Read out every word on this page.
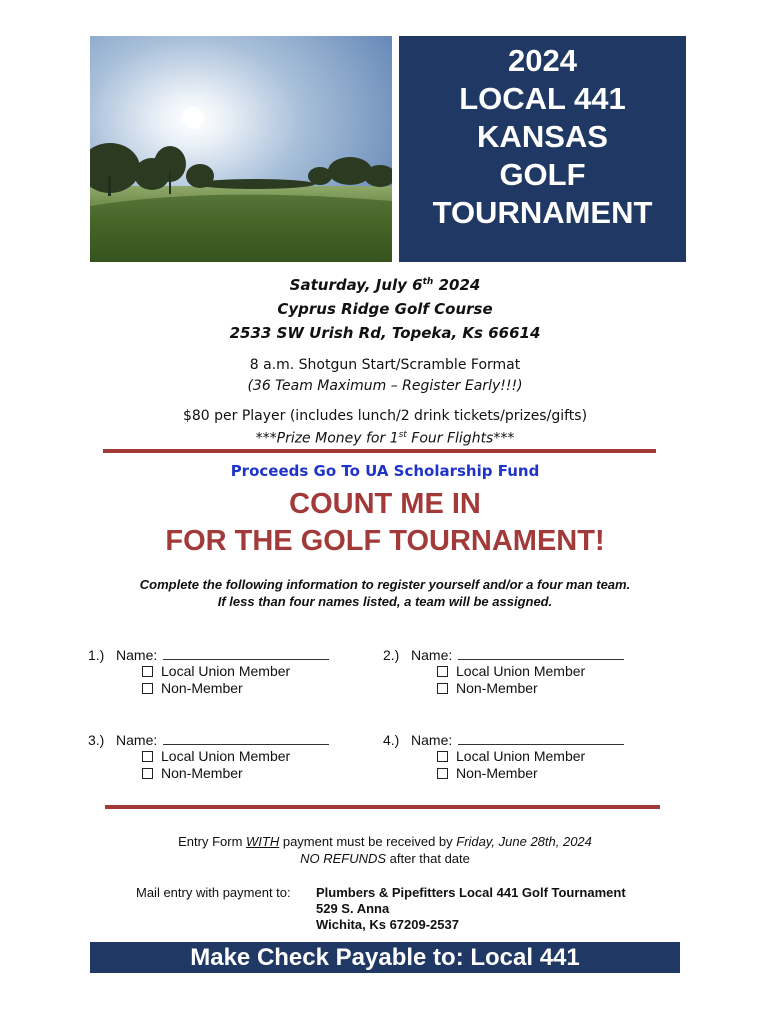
2024
LOCAL 441
KANSAS
GOLF
TOURNAMENT
Saturday, July 6th 2024
Cyprus Ridge Golf Course
2533 SW Urish Rd, Topeka, Ks 66614
8 a.m. Shotgun Start/Scramble Format
(36 Team Maximum – Register Early!!!)
$80 per Player (includes lunch/2 drink tickets/prizes/gifts)
***Prize Money for 1st Four Flights***
Proceeds Go To UA Scholarship Fund
COUNT ME IN
FOR THE GOLF TOURNAMENT!
Complete the following information to register yourself and/or a four man team.
If less than four names listed, a team will be assigned.
1.) Name:
Local Union Member
Non-Member
2.) Name:
Local Union Member
Non-Member
3.) Name:
Local Union Member
Non-Member
4.) Name:
Local Union Member
Non-Member
Entry Form WITH payment must be received by Friday, June 28th, 2024
NO REFUNDS after that date
Mail entry with payment to: Plumbers & Pipefitters Local 441 Golf Tournament
529 S. Anna
Wichita, Ks 67209-2537
Make Check Payable to: Local 441
